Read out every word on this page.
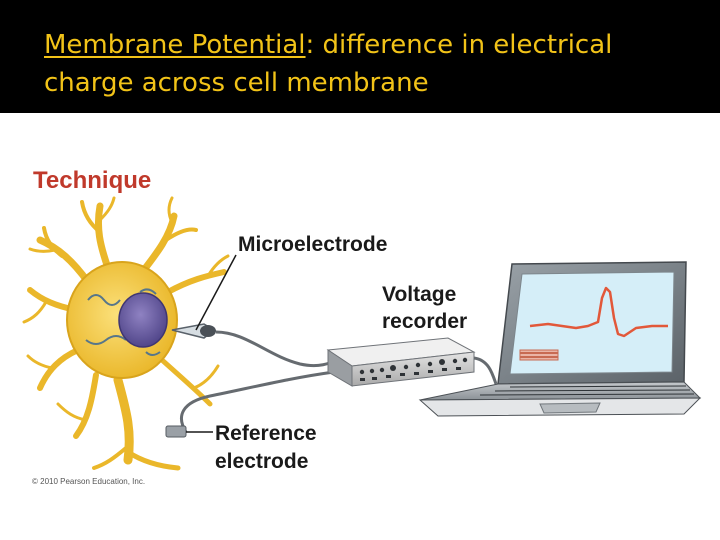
Membrane Potential: difference in electrical charge across cell membrane
Technique
Microelectrode
Voltage
recorder
Reference
electrode
© 2010 Pearson Education, Inc.
